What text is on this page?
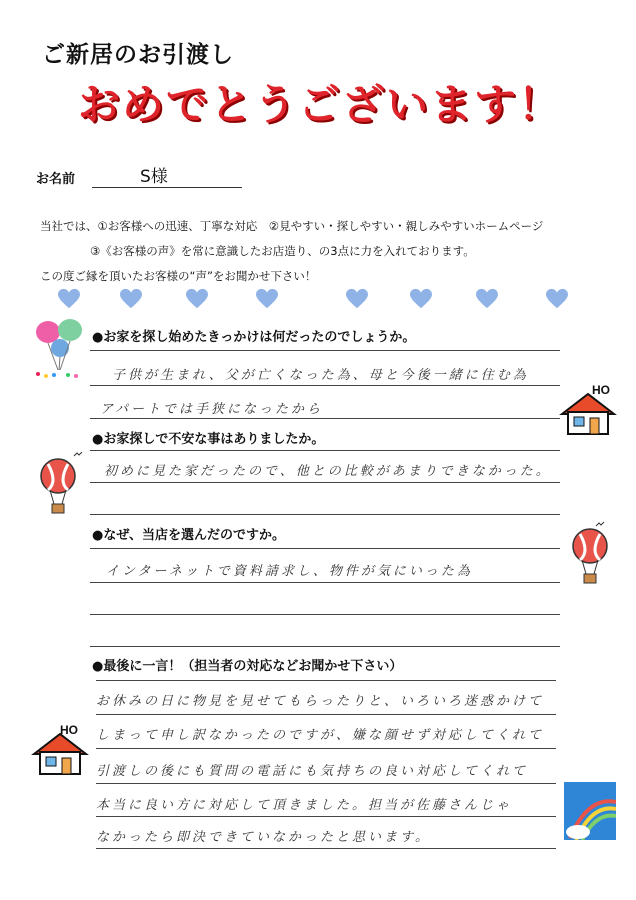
ご新居のお引渡し
おめでとうございます！
お名前	S様
当社では、①お客様への迅速、丁寧な対応　②見やすい・探しやすい・親しみやすいホームページ
③《お客様の声》を常に意識したお店造り、の3点に力を入れております。
この度ご縁を頂いたお客様の“声”をお聞かせ下さい！
●お家を探し始めたきっかけは何だったのでしょうか。
子供が生まれ、父が亡くなった為、母と今後一緒に住む為
アパートでは手狭になったから
HO
●お家探しで不安な事はありましたか。
初めに見た家だったので、他との比較があまりできなかった。
●なぜ、当店を選んだのですか。
インターネットで資料請求し、物件が気にいった為
●最後に一言！（担当者の対応などお聞かせ下さい）
お休みの日に物見を見せてもらったりと、いろいろ迷惑かけて
しまって申し訳なかったのですが、嫌な顔せず対応してくれて
引渡しの後にも質問の電話にも気持ちの良い対応してくれて
本当に良い方に対応して頂きました。担当が佐藤さんじゃ
なかったら即決できていなかったと思います。
HO
